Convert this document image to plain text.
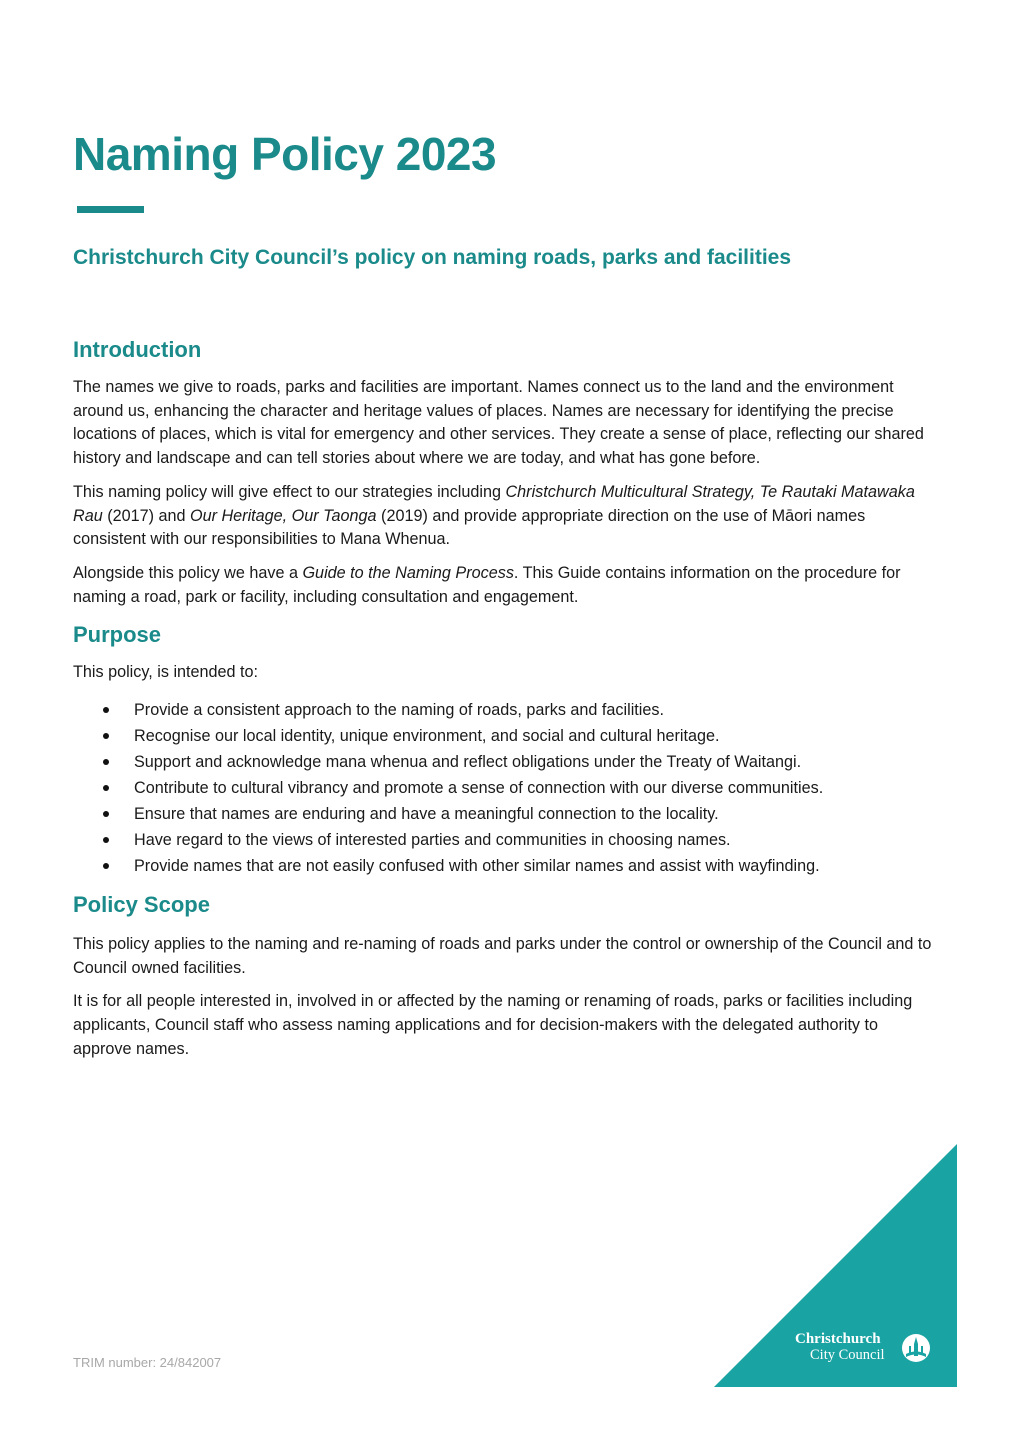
Naming Policy 2023
Christchurch City Council’s policy on naming roads, parks and facilities
Introduction

The names we give to roads, parks and facilities are important. Names connect us to the land and the environment around us, enhancing the character and heritage values of places. Names are necessary for identifying the precise locations of places, which is vital for emergency and other services. They create a sense of place, reflecting our shared history and landscape and can tell stories about where we are today, and what has gone before.

This naming policy will give effect to our strategies including Christchurch Multicultural Strategy, Te Rautaki Matawaka Rau (2017) and Our Heritage, Our Taonga (2019) and provide appropriate direction on the use of Māori names consistent with our responsibilities to Mana Whenua.

Alongside this policy we have a Guide to the Naming Process. This Guide contains information on the procedure for naming a road, park or facility, including consultation and engagement.

Purpose

This policy, is intended to:

Provide a consistent approach to the naming of roads, parks and facilities.
Recognise our local identity, unique environment, and social and cultural heritage.
Support and acknowledge mana whenua and reflect obligations under the Treaty of Waitangi.
Contribute to cultural vibrancy and promote a sense of connection with our diverse communities.
Ensure that names are enduring and have a meaningful connection to the locality.
Have regard to the views of interested parties and communities in choosing names.
Provide names that are not easily confused with other similar names and assist with wayfinding.
Policy Scope

This policy applies to the naming and re-naming of roads and parks under the control or ownership of the Council and to Council owned facilities.

It is for all people interested in, involved in or affected by the naming or renaming of roads, parks or facilities including applicants, Council staff who assess naming applications and for decision-makers with the delegated authority to approve names.

TRIM number: 24/842007
Christchurch
City Council
